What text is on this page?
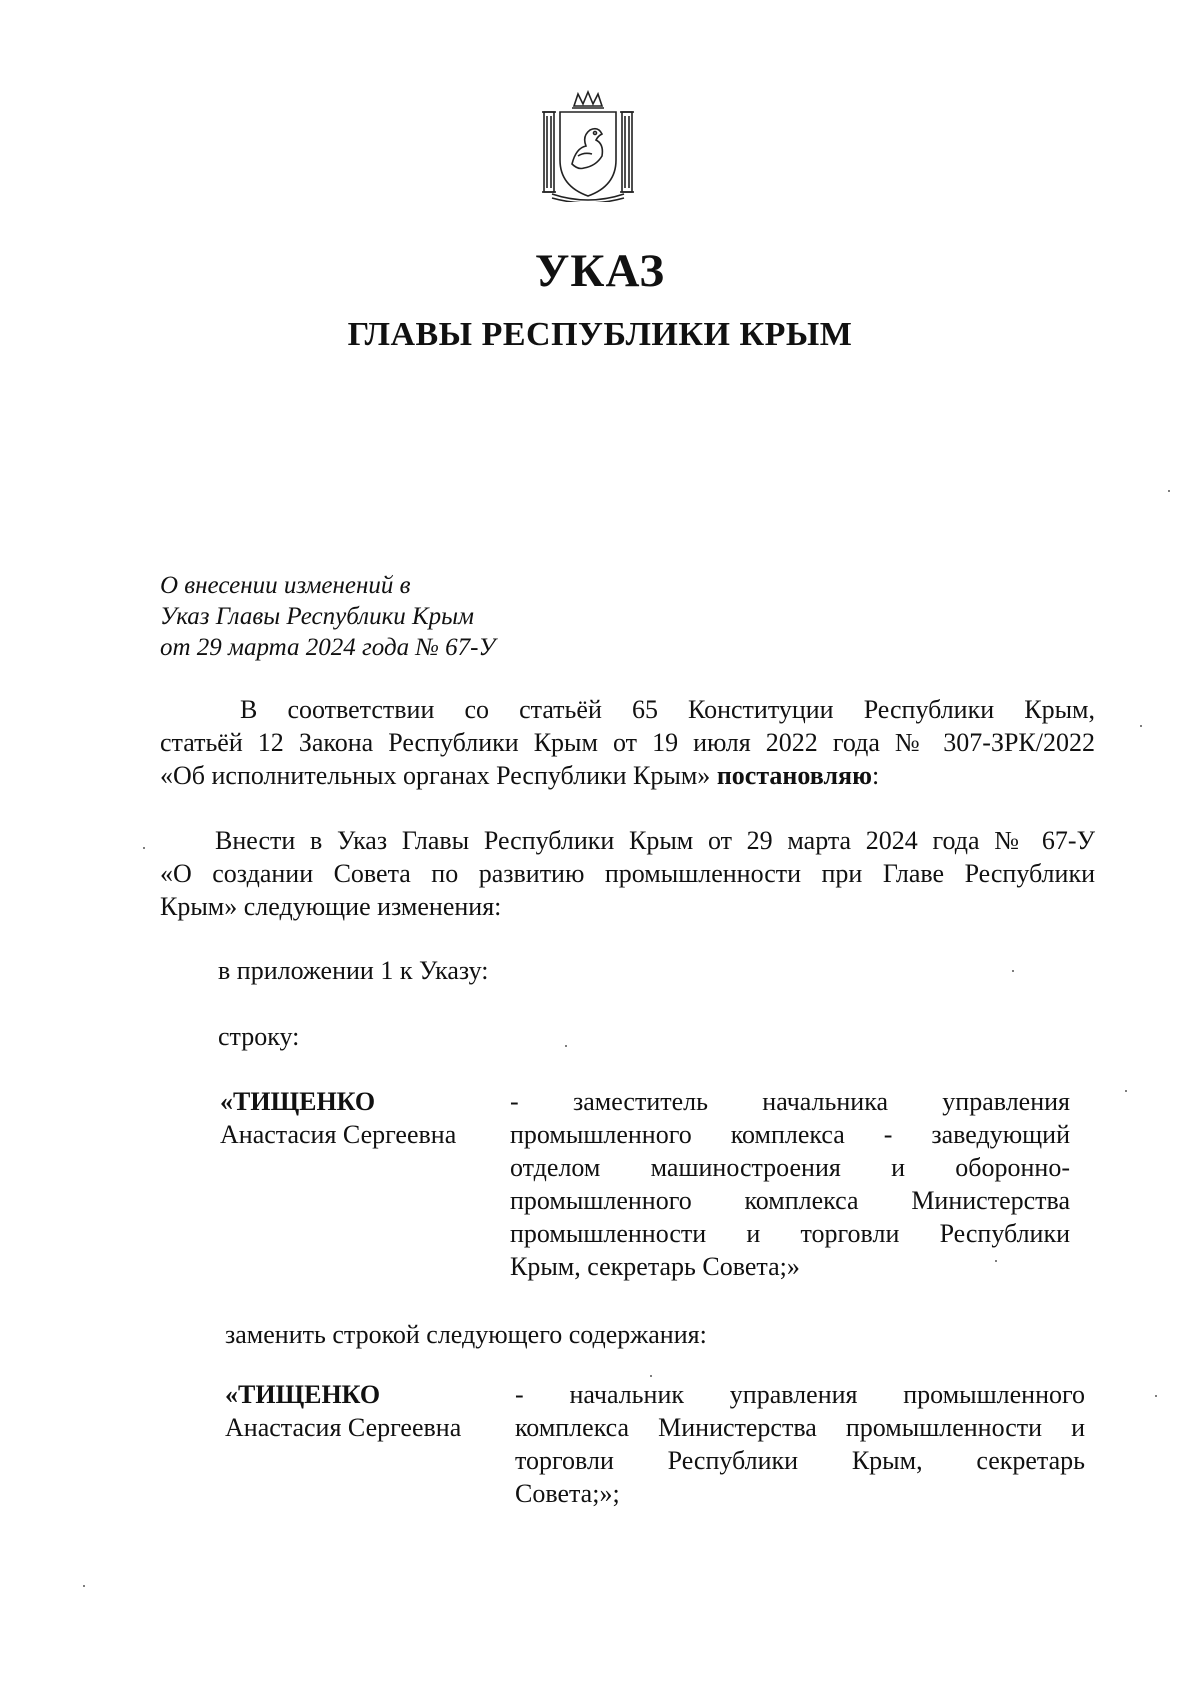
УКАЗ
ГЛАВЫ РЕСПУБЛИКИ КРЫМ
О внесении изменений в
Указ Главы Республики Крым
от 29 марта 2024 года № 67-У
В соответствии со статьёй 65 Конституции Республики Крым,
статьёй 12 Закона Республики Крым от 19 июля 2022 года № 307-ЗРК/2022
«Об исполнительных органах Республики Крым» постановляю:
Внести в Указ Главы Республики Крым от 29 марта 2024 года № 67-У
«О создании Совета по развитию промышленности при Главе Республики
Крым» следующие изменения:
в приложении 1 к Указу:
строку:
«ТИЩЕНКО
Анастасия Сергеевна
- заместитель начальника управления
промышленного комплекса - заведующий
отделом машиностроения и оборонно-
промышленного комплекса Министерства
промышленности и торговли Республики
Крым, секретарь Совета;»
заменить строкой следующего содержания:
«ТИЩЕНКО
Анастасия Сергеевна
- начальник управления промышленного
комплекса Министерства промышленности и
торговли Республики Крым, секретарь
Совета;»;
